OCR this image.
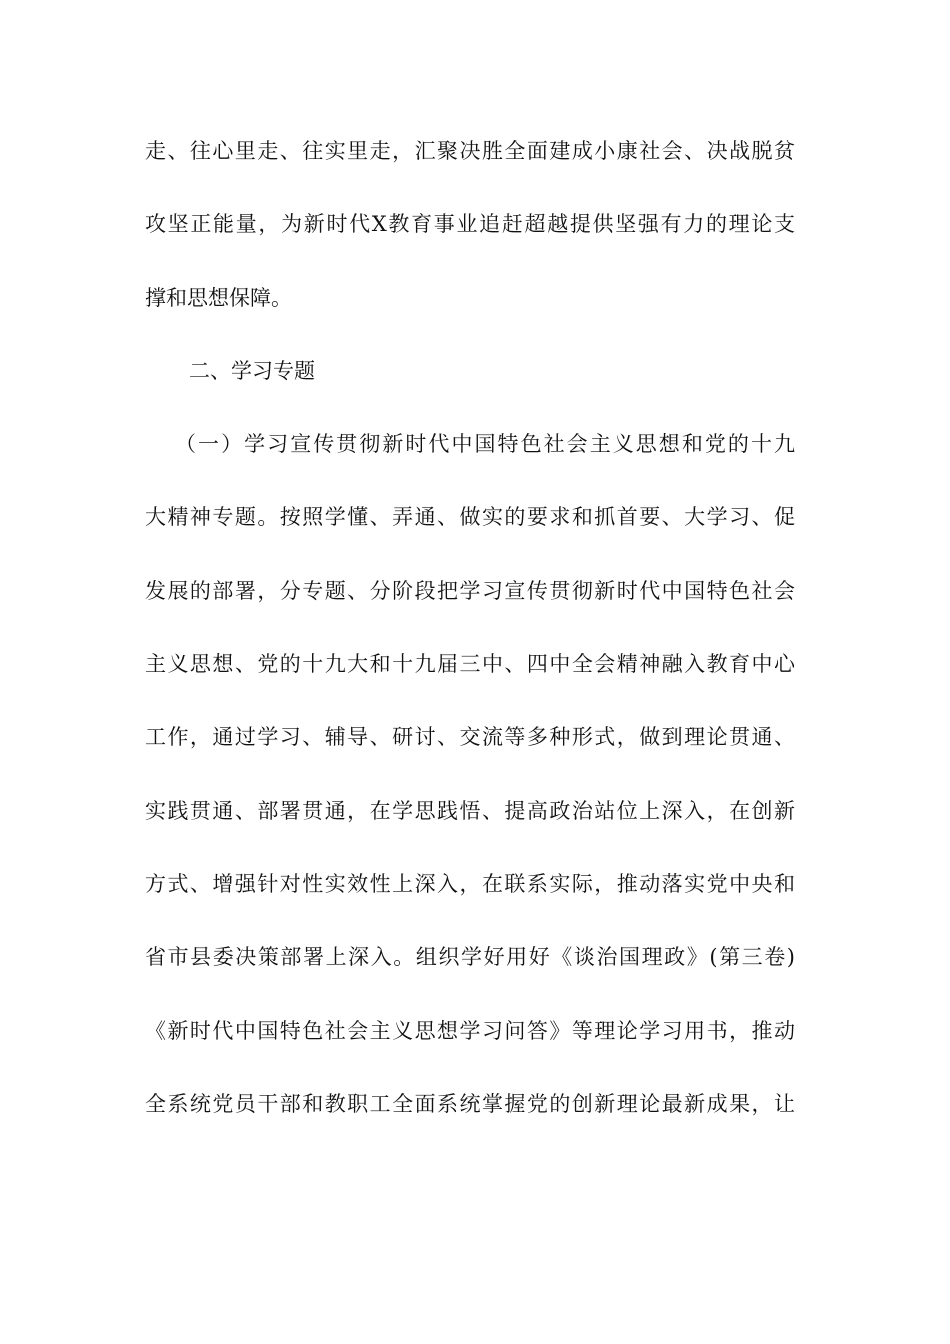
走、往心里走、往实里走，汇聚决胜全面建成小康社会、决战脱贫
攻坚正能量，为新时代X教育事业追赶超越提供坚强有力的理论支
撑和思想保障。
二、学习专题
（一）学习宣传贯彻新时代中国特色社会主义思想和党的十九
大精神专题。按照学懂、弄通、做实的要求和抓首要、大学习、促
发展的部署，分专题、分阶段把学习宣传贯彻新时代中国特色社会
主义思想、党的十九大和十九届三中、四中全会精神融入教育中心
工作，通过学习、辅导、研讨、交流等多种形式，做到理论贯通、
实践贯通、部署贯通，在学思践悟、提高政治站位上深入，在创新
方式、增强针对性实效性上深入，在联系实际，推动落实党中央和
省市县委决策部署上深入。组织学好用好《谈治国理政》(第三卷)
《新时代中国特色社会主义思想学习问答》等理论学习用书，推动
全系统党员干部和教职工全面系统掌握党的创新理论最新成果，让
